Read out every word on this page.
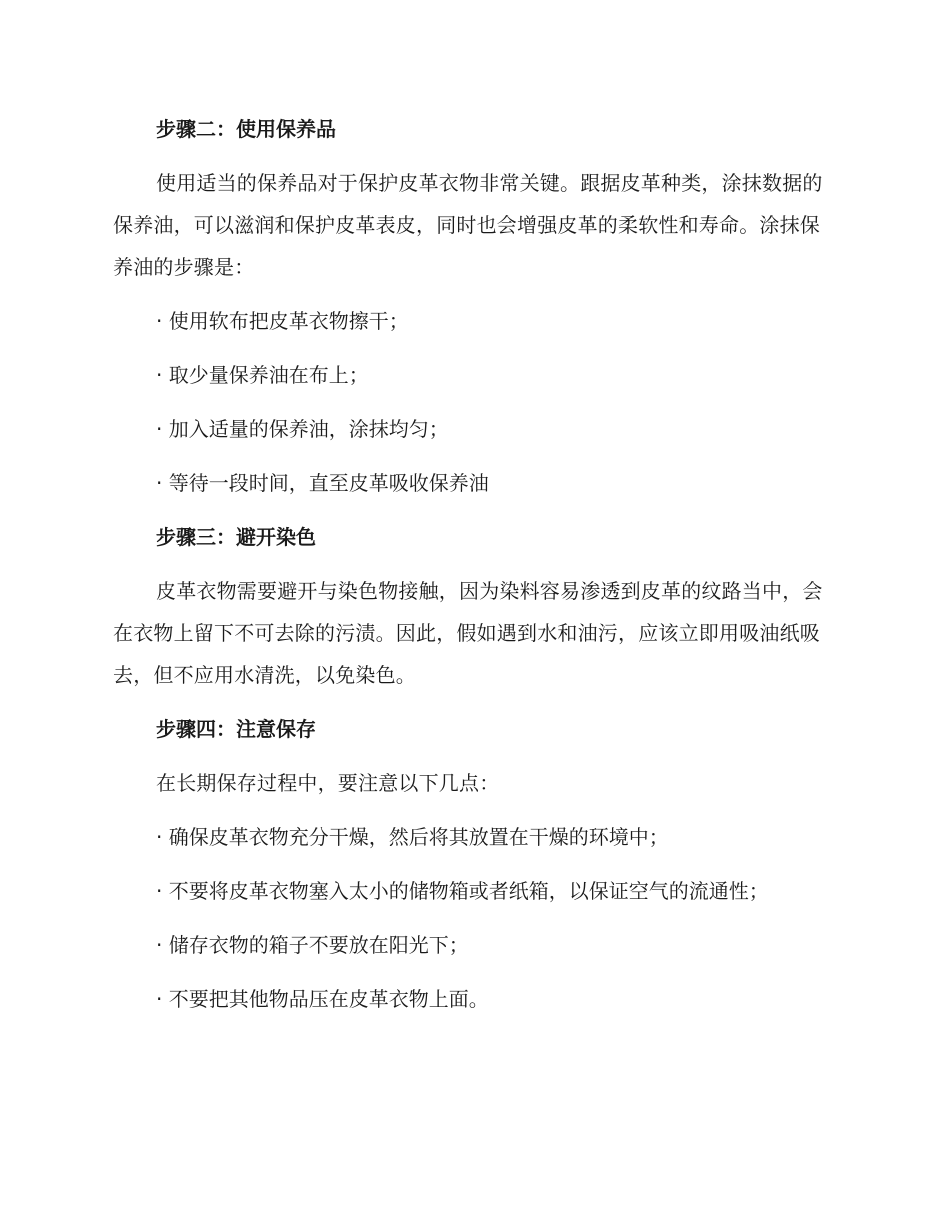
步骤二：使用保养品

使用适当的保养品对于保护皮革衣物非常关键。跟据皮革种类，涂抹数据的保养油，可以滋润和保护皮革表皮，同时也会增强皮革的柔软性和寿命。涂抹保养油的步骤是：

· 使用软布把皮革衣物擦干；
· 取少量保养油在布上；
· 加入适量的保养油，涂抹均匀；
· 等待一段时间，直至皮革吸收保养油
步骤三：避开染色

皮革衣物需要避开与染色物接触，因为染料容易渗透到皮革的纹路当中，会在衣物上留下不可去除的污渍。因此，假如遇到水和油污，应该立即用吸油纸吸去，但不应用水清洗，以免染色。

步骤四：注意保存

在长期保存过程中，要注意以下几点：

· 确保皮革衣物充分干燥，然后将其放置在干燥的环境中；
· 不要将皮革衣物塞入太小的储物箱或者纸箱，以保证空气的流通性；
· 储存衣物的箱子不要放在阳光下；
· 不要把其他物品压在皮革衣物上面。
